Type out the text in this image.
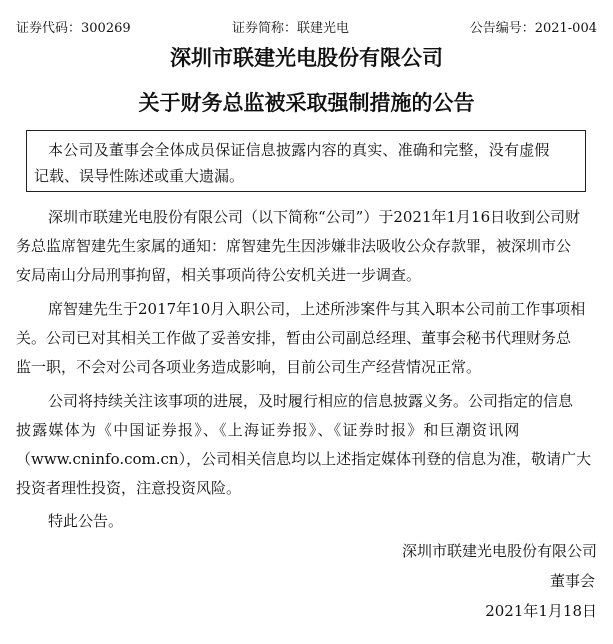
证券代码：300269	证券简称：联建光电	公告编号：2021-004
深圳市联建光电股份有限公司
关于财务总监被采取强制措施的公告
本公司及董事会全体成员保证信息披露内容的真实、准确和完整，没有虚假
记载、误导性陈述或重大遗漏。
深圳市联建光电股份有限公司（以下简称“公司”）于2021年1月16日收到公司财
务总监席智建先生家属的通知：席智建先生因涉嫌非法吸收公众存款罪，被深圳市公
安局南山分局刑事拘留，相关事项尚待公安机关进一步调查。
席智建先生于2017年10月入职公司，上述所涉案件与其入职本公司前工作事项相
关。公司已对其相关工作做了妥善安排，暂由公司副总经理、董事会秘书代理财务总
监一职，不会对公司各项业务造成影响，目前公司生产经营情况正常。
公司将持续关注该事项的进展，及时履行相应的信息披露义务。公司指定的信息
披露媒体为《中国证券报》、《上海证券报》、《证券时报》和巨潮资讯网
（www.cninfo.com.cn），公司相关信息均以上述指定媒体刊登的信息为准，敬请广大
投资者理性投资，注意投资风险。
特此公告。
深圳市联建光电股份有限公司
董事会
2021年1月18日
